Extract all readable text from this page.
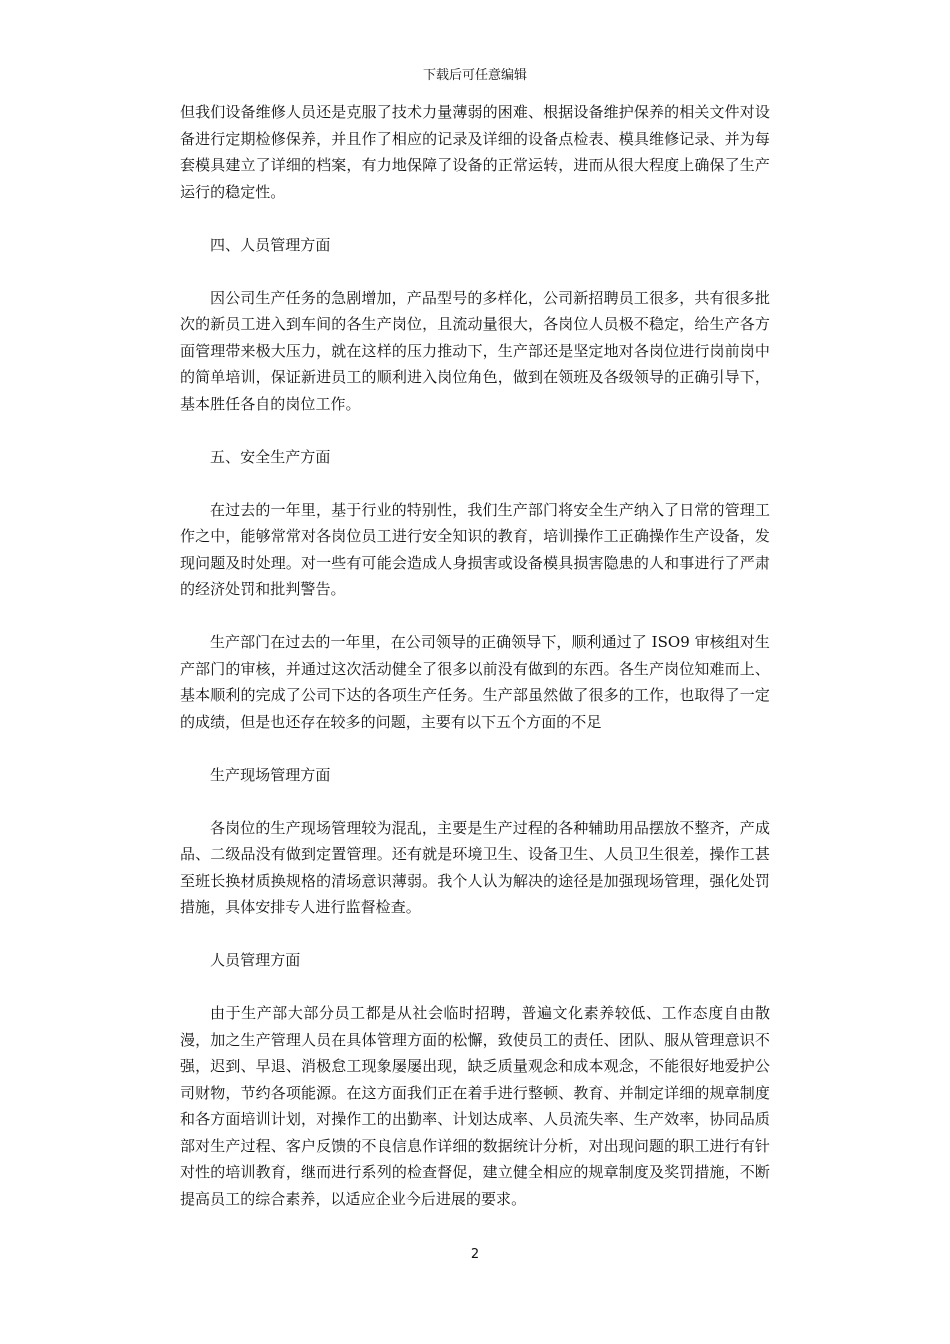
下载后可任意编辑

但我们设备维修人员还是克服了技术力量薄弱的困难、根据设备维护保养的相关文件对设备进行定期检修保养，并且作了相应的记录及详细的设备点检表、模具维修记录、并为每套模具建立了详细的档案，有力地保障了设备的正常运转，进而从很大程度上确保了生产运行的稳定性。

四、人员管理方面

因公司生产任务的急剧增加，产品型号的多样化，公司新招聘员工很多，共有很多批次的新员工进入到车间的各生产岗位，且流动量很大，各岗位人员极不稳定，给生产各方面管理带来极大压力，就在这样的压力推动下，生产部还是坚定地对各岗位进行岗前岗中的简单培训，保证新进员工的顺利进入岗位角色，做到在领班及各级领导的正确引导下，基本胜任各自的岗位工作。

五、安全生产方面

在过去的一年里，基于行业的特别性，我们生产部门将安全生产纳入了日常的管理工作之中，能够常常对各岗位员工进行安全知识的教育，培训操作工正确操作生产设备，发现问题及时处理。对一些有可能会造成人身损害或设备模具损害隐患的人和事进行了严肃的经济处罚和批判警告。

生产部门在过去的一年里，在公司领导的正确领导下，顺利通过了 ISO9 审核组对生产部门的审核，并通过这次活动健全了很多以前没有做到的东西。各生产岗位知难而上、基本顺利的完成了公司下达的各项生产任务。生产部虽然做了很多的工作，也取得了一定的成绩，但是也还存在较多的问题，主要有以下五个方面的不足

生产现场管理方面

各岗位的生产现场管理较为混乱，主要是生产过程的各种辅助用品摆放不整齐，产成品、二级品没有做到定置管理。还有就是环境卫生、设备卫生、人员卫生很差，操作工甚至班长换材质换规格的清场意识薄弱。我个人认为解决的途径是加强现场管理，强化处罚措施，具体安排专人进行监督检查。

人员管理方面

由于生产部大部分员工都是从社会临时招聘，普遍文化素养较低、工作态度自由散漫，加之生产管理人员在具体管理方面的松懈，致使员工的责任、团队、服从管理意识不强，迟到、早退、消极怠工现象屡屡出现，缺乏质量观念和成本观念，不能很好地爱护公司财物，节约各项能源。在这方面我们正在着手进行整顿、教育、并制定详细的规章制度和各方面培训计划，对操作工的出勤率、计划达成率、人员流失率、生产效率，协同品质部对生产过程、客户反馈的不良信息作详细的数据统计分析，对出现问题的职工进行有针对性的培训教育，继而进行系列的检查督促，建立健全相应的规章制度及奖罚措施，不断提高员工的综合素养，以适应企业今后进展的要求。

2
